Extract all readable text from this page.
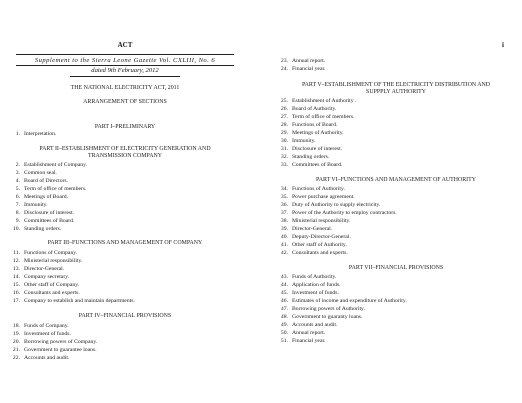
ACT	i
Supplement to the Sierra Leone Gazette Vol. CXLIII, No. 6
dated 9th February, 2012
THE NATIONAL ELECTRICITY ACT, 2011
ARRANGEMENT OF SECTIONS
PART I–PRELIMINARY
1. Interpretation.
PART II–ESTABLISHMENT OF ELECTRICITY GENERATION AND
TRANSMISSION COMPANY
2. Establishment of Company.
3. Common seal.
4. Board of Directors.
5. Term of office of members.
6. Meetings of Board.
7. Immunity.
8. Disclosure of interest.
9. Committees of Board.
10. Standing orders.
PART III–FUNCTIONS AND MANAGEMENT OF COMPANY
11. Functions of Company.
12. Ministerial responsibility.
13. Director-General.
14. Company secretary.
15. Other staff of Company.
16. Consultants and experts.
17. Company to establish and maintain departments.
PART IV–FINANCIAL PROVISIONS
18. Funds of Company.
19. Investment of funds.
20. Borrowing powers of Company.
21. Government to guarantee loans.
22. Accounts and audit.
23. Annual report.
24. Financial year.
PART V–ESTABLISHMENT OF THE ELECTRICITY DISTRIBUTION AND
SUPPPLY AUTHORITY
25. Establishment of Authority .
26. Board of Authority.
27. Term of office of members.
28. Functions of Board.
29. Meetings of Authority.
30. Immunity.
31. Disclosure of interest.
32. Standing orders.
33. Committees of Board.
PART VI–FUNCTIONS AND MANAGEMENT OF AUTHORITY
34. Functions of Authority.
35. Power purchase agreement.
36. Duty of Authority to supply electricity.
37. Power of the Authority to employ contractors.
38. Ministerial responsibility.
39. Director-General.
40. Deputy-Director-General.
41. Other staff of Authority.
42. Consultants and experts.
PART VII–FINANCIAL PROVISIONS
43. Funds of Authority.
44. Application of funds.
45. Investment of funds.
46. Estimates of income and expenditure of Authority.
47. Borrowing powers of Authority.
48. Government to guaranty loans.
49. Accounts and audit.
50. Annual report.
51. Financial year.
